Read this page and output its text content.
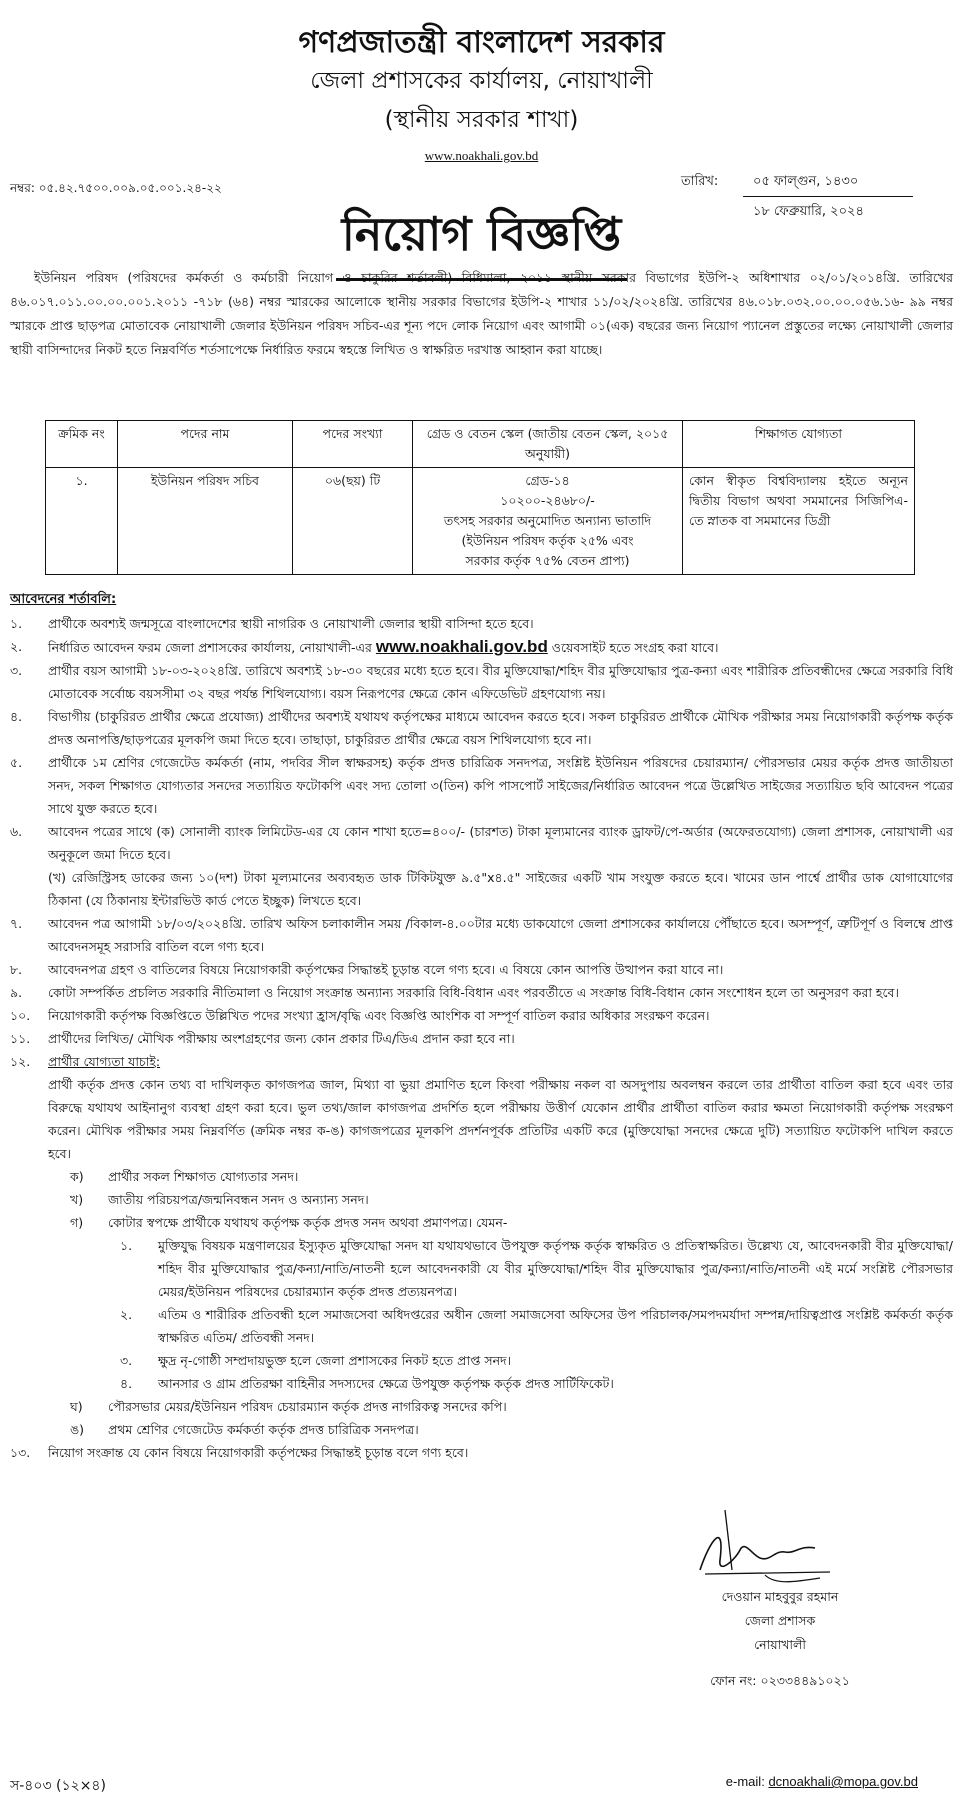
গণপ্রজাতন্ত্রী বাংলাদেশ সরকার
জেলা প্রশাসকের কার্যালয়, নোয়াখালী
(স্থানীয় সরকার শাখা)
www.noakhali.gov.bd
নম্বর: ০৫.৪২.৭৫০০.০০৯.০৫.০০১.২৪-২২	তারিখ:	০৫ ফাল্গুন, ১৪৩০
১৮ ফেব্রুয়ারি, ২০২৪
নিয়োগ বিজ্ঞপ্তি

ইউনিয়ন পরিষদ (পরিষদের কর্মকর্তা ও কর্মচারী নিয়োগ ও চাকুরির শর্তাবলী) বিধিমালা, ২০১১ স্থানীয় সরকার বিভাগের ইউপি-২ অধিশাখার ০২/০১/২০১৪খ্রি. তারিখের ৪৬.০১৭.০১১.০০.০০.০০১.২০১১ -৭১৮ (৬৪) নম্বর স্মারকের আলোকে স্থানীয় সরকার বিভাগের ইউপি-২ শাখার ১১/০২/২০২৪খ্রি. তারিখের ৪৬.০১৮.০৩২.০০.০০.০৫৬.১৬- ৯৯ নম্বর স্মারকে প্রাপ্ত ছাড়পত্র মোতাবেক নোয়াখালী জেলার ইউনিয়ন পরিষদ সচিব-এর শূন্য পদে লোক নিয়োগ এবং আগামী ০১(এক) বছরের জন্য নিয়োগ প্যানেল প্রস্তুতের লক্ষ্যে নোয়াখালী জেলার স্থায়ী বাসিন্দাদের নিকট হতে নিম্নবর্ণিত শর্তসাপেক্ষে নির্ধারিত ফরমে স্বহস্তে লিখিত ও স্বাক্ষরিত দরখাস্ত আহ্বান করা যাচ্ছে।

ক্রমিক নং	পদের নাম	পদের সংখ্যা	গ্রেড ও বেতন স্কেল (জাতীয় বেতন স্কেল, ২০১৫ অনুযায়ী)	শিক্ষাগত যোগ্যতা
১.	ইউনিয়ন পরিষদ সচিব	০৬(ছয়) টি	গ্রেড-১৪
১০২০০-২৪৬৮০/-
তৎসহ সরকার অনুমোদিত অন্যান্য ভাতাদি
(ইউনিয়ন পরিষদ কর্তৃক ২৫% এবং
সরকার কর্তৃক ৭৫% বেতন প্রাপ্য)	কোন স্বীকৃত বিশ্ববিদ্যালয় হইতে অন্যূন দ্বিতীয় বিভাগ অথবা সমমানের সিজিপিএ-তে স্নাতক বা সমমানের ডিগ্রী
আবেদনের শর্তাবলি:
১.	প্রার্থীকে অবশ্যই জন্মসূত্রে বাংলাদেশের স্থায়ী নাগরিক ও নোয়াখালী জেলার স্থায়ী বাসিন্দা হতে হবে।
২.	নির্ধারিত আবেদন ফরম জেলা প্রশাসকের কার্যালয়, নোয়াখালী-এর www.noakhali.gov.bd ওয়েবসাইট হতে সংগ্রহ করা যাবে।
৩.	প্রার্থীর বয়স আগামী ১৮-০৩-২০২৪খ্রি. তারিখে অবশ্যই ১৮-৩০ বছরের মধ্যে হতে হবে। বীর মুক্তিযোদ্ধা/শহিদ বীর মুক্তিযোদ্ধার পুত্র-কন্যা এবং শারীরিক প্রতিবন্ধীদের ক্ষেত্রে সরকারি বিধি মোতাবেক সর্বোচ্চ বয়সসীমা ৩২ বছর পর্যন্ত শিথিলযোগ্য। বয়স নিরূপণের ক্ষেত্রে কোন এফিডেভিট গ্রহণযোগ্য নয়।
৪.	বিভাগীয় (চাকুরিরত প্রার্থীর ক্ষেত্রে প্রযোজ্য) প্রার্থীদের অবশ্যই যথাযথ কর্তৃপক্ষের মাধ্যমে আবেদন করতে হবে। সকল চাকুরিরত প্রার্থীকে মৌখিক পরীক্ষার সময় নিয়োগকারী কর্তৃপক্ষ কর্তৃক প্রদত্ত অনাপত্তি/ছাড়পত্রের মূলকপি জমা দিতে হবে। তাছাড়া, চাকুরিরত প্রার্থীর ক্ষেত্রে বয়স শিথিলযোগ্য হবে না।
৫.	প্রার্থীকে ১ম শ্রেণির গেজেটেড কর্মকর্তা (নাম, পদবির সীল স্বাক্ষরসহ) কর্তৃক প্রদত্ত চারিত্রিক সনদপত্র, সংশ্লিষ্ট ইউনিয়ন পরিষদের চেয়ারম্যান/ পৌরসভার মেয়র কর্তৃক প্রদত্ত জাতীয়তা সনদ, সকল শিক্ষাগত যোগ্যতার সনদের সত্যায়িত ফটোকপি এবং সদ্য তোলা ৩(তিন) কপি পাসপোর্ট সাইজের/নির্ধারিত আবেদন পত্রে উল্লেখিত সাইজের সত্যায়িত ছবি আবেদন পত্রের সাথে যুক্ত করতে হবে।
৬.	আবেদন পত্রের সাথে (ক) সোনালী ব্যাংক লিমিটেড-এর যে কোন শাখা হতে=৪০০/- (চারশত) টাকা মূল্যমানের ব্যাংক ড্রাফট/পে-অর্ডার (অফেরতযোগ্য) জেলা প্রশাসক, নোয়াখালী এর অনুকূলে জমা দিতে হবে।
(খ) রেজিস্ট্রিসহ ডাকের জন্য ১০(দশ) টাকা মূল্যমানের অব্যবহৃত ডাক টিকিটযুক্ত ৯.৫"x৪.৫" সাইজের একটি খাম সংযুক্ত করতে হবে। খামের ডান পার্শ্বে প্রার্থীর ডাক যোগাযোগের ঠিকানা (যে ঠিকানায় ইন্টারভিউ কার্ড পেতে ইচ্ছুক) লিখতে হবে।
৭.	আবেদন পত্র আগামী ১৮/০৩/২০২৪খ্রি. তারিখ অফিস চলাকালীন সময় /বিকাল-৪.০০টার মধ্যে ডাকযোগে জেলা প্রশাসকের কার্যালয়ে পৌঁছাতে হবে। অসম্পূর্ণ, ত্রুটিপূর্ণ ও বিলম্বে প্রাপ্ত আবেদনসমূহ সরাসরি বাতিল বলে গণ্য হবে।
৮.	আবেদনপত্র গ্রহণ ও বাতিলের বিষয়ে নিয়োগকারী কর্তৃপক্ষের সিদ্ধান্তই চূড়ান্ত বলে গণ্য হবে। এ বিষয়ে কোন আপত্তি উত্থাপন করা যাবে না।
৯.	কোটা সম্পর্কিত প্রচলিত সরকারি নীতিমালা ও নিয়োগ সংক্রান্ত অন্যান্য সরকারি বিধি-বিধান এবং পরবর্তীতে এ সংক্রান্ত বিধি-বিধান কোন সংশোধন হলে তা অনুসরণ করা হবে।
১০.	নিয়োগকারী কর্তৃপক্ষ বিজ্ঞপ্তিতে উল্লিখিত পদের সংখ্যা হ্রাস/বৃদ্ধি এবং বিজ্ঞপ্তি আংশিক বা সম্পূর্ণ বাতিল করার অধিকার সংরক্ষণ করেন।
১১.	প্রার্থীদের লিখিত/ মৌখিক পরীক্ষায় অংশগ্রহণের জন্য কোন প্রকার টিএ/ডিএ প্রদান করা হবে না।
১২.	প্রার্থীর যোগ্যতা যাচাই:
প্রার্থী কর্তৃক প্রদত্ত কোন তথ্য বা দাখিলকৃত কাগজপত্র জাল, মিথ্যা বা ভুয়া প্রমাণিত হলে কিংবা পরীক্ষায় নকল বা অসদুপায় অবলম্বন করলে তার প্রার্থীতা বাতিল করা হবে এবং তার বিরুদ্ধে যথাযথ আইনানুগ ব্যবস্থা গ্রহণ করা হবে। ভুল তথ্য/জাল কাগজপত্র প্রদর্শিত হলে পরীক্ষায় উত্তীর্ণ যেকোন প্রার্থীর প্রার্থীতা বাতিল করার ক্ষমতা নিয়োগকারী কর্তৃপক্ষ সংরক্ষণ করেন। মৌখিক পরীক্ষার সময় নিম্নবর্ণিত (ক্রমিক নম্বর ক-ঙ) কাগজপত্রের মূলকপি প্রদর্শনপূর্বক প্রতিটির একটি করে (মুক্তিযোদ্ধা সনদের ক্ষেত্রে দুটি) সত্যায়িত ফটোকপি দাখিল করতে হবে।
ক)	প্রার্থীর সকল শিক্ষাগত যোগ্যতার সনদ।
খ)	জাতীয় পরিচয়পত্র/জন্মনিবন্ধন সনদ ও অন্যান্য সনদ।
গ)	কোটার স্বপক্ষে প্রার্থীকে যথাযথ কর্তৃপক্ষ কর্তৃক প্রদত্ত সনদ অথবা প্রমাণপত্র। যেমন-
১.	মুক্তিযুদ্ধ বিষয়ক মন্ত্রণালয়ের ইস্যুকৃত মুক্তিযোদ্ধা সনদ যা যথাযথভাবে উপযুক্ত কর্তৃপক্ষ কর্তৃক স্বাক্ষরিত ও প্রতিস্বাক্ষরিত। উল্লেখ্য যে, আবেদনকারী বীর মুক্তিযোদ্ধা/শহিদ বীর মুক্তিযোদ্ধার পুত্র/কন্যা/নাতি/নাতনী হলে আবেদনকারী যে বীর মুক্তিযোদ্ধা/শহিদ বীর মুক্তিযোদ্ধার পুত্র/কন্যা/নাতি/নাতনী এই মর্মে সংশ্লিষ্ট পৌরসভার মেয়র/ইউনিয়ন পরিষদের চেয়ারম্যান কর্তৃক প্রদত্ত প্রত্যয়নপত্র।
২.	এতিম ও শারীরিক প্রতিবন্ধী হলে সমাজসেবা অধিদপ্তরের অধীন জেলা সমাজসেবা অফিসের উপ পরিচালক/সমপদমর্যাদা সম্পন্ন/দায়িত্বপ্রাপ্ত সংশ্লিষ্ট কর্মকর্তা কর্তৃক স্বাক্ষরিত এতিম/ প্রতিবন্ধী সনদ।
৩.	ক্ষুদ্র নৃ-গোষ্ঠী সম্প্রদায়ভুক্ত হলে জেলা প্রশাসকের নিকট হতে প্রাপ্ত সনদ।
৪.	আনসার ও গ্রাম প্রতিরক্ষা বাহিনীর সদস্যদের ক্ষেত্রে উপযুক্ত কর্তৃপক্ষ কর্তৃক প্রদত্ত সার্টিফিকেট।
ঘ)	পৌরসভার মেয়র/ইউনিয়ন পরিষদ চেয়ারম্যান কর্তৃক প্রদত্ত নাগরিকত্ব সনদের কপি।
ঙ)	প্রথম শ্রেণির গেজেটেড কর্মকর্তা কর্তৃক প্রদত্ত চারিত্রিক সনদপত্র।
১৩.	নিয়োগ সংক্রান্ত যে কোন বিষয়ে নিয়োগকারী কর্তৃপক্ষের সিদ্ধান্তই চূড়ান্ত বলে গণ্য হবে।
দেওয়ান মাহবুবুর রহমান
জেলা প্রশাসক
নোয়াখালী
ফোন নং: ০২৩৩৪৪৯১০২১
স-৪০৩ (১২×৪)	e-mail: dcnoakhali@mopa.gov.bd
